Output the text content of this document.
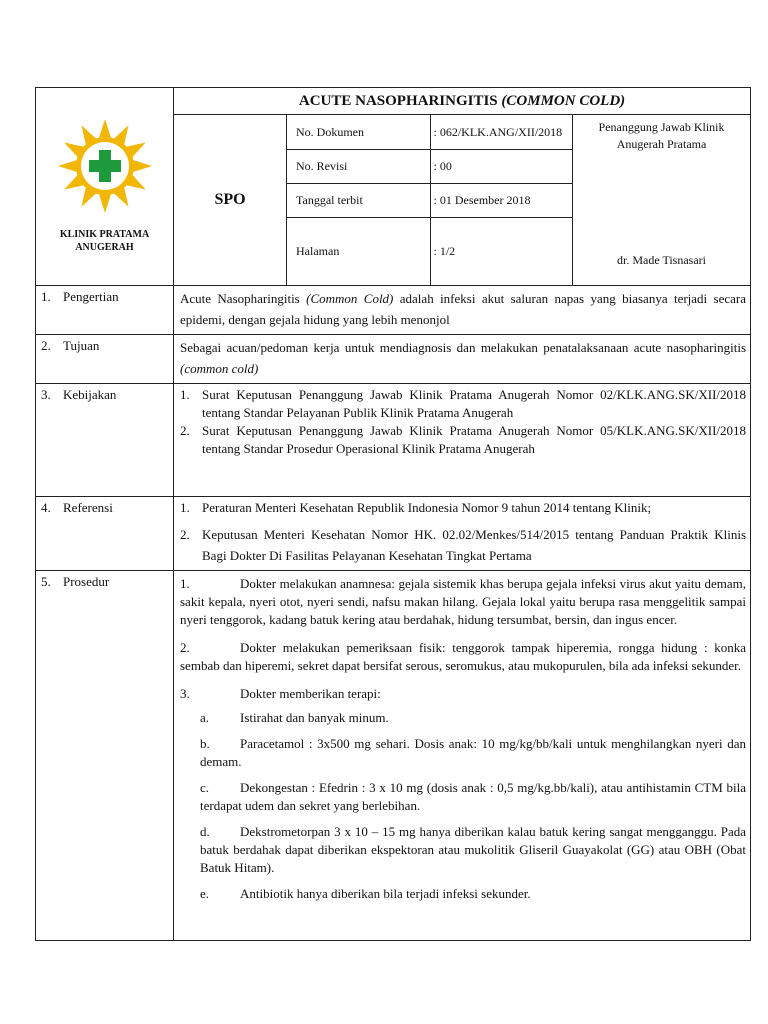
KLINIK PRATAMA ANUGERAH
	ACUTE NASOPHARINGITIS (COMMON COLD)
SPO	
No. Dokumen	: 062/KLK.ANG/XII/2018
No. Revisi	: 00
Tanggal terbit	: 01 Desember 2018
Halaman	: 1/2

Penanggung Jawab Klinik Anugerah Pratama
dr. Made Tisnasari

1. Pengertian	Acute Nasopharingitis (Common Cold) adalah infeksi akut saluran napas yang biasanya terjadi secara epidemi, dengan gejala hidung yang lebih menonjol
2. Tujuan	Sebagai acuan/pedoman kerja untuk mendiagnosis dan melakukan penatalaksanaan acute nasopharingitis (common cold)
3. Kebijakan	1. Surat Keputusan Penanggung Jawab Klinik Pratama Anugerah Nomor 02/KLK.ANG.SK/XII/2018 tentang Standar Pelayanan Publik Klinik Pratama Anugerah
2. Surat Keputusan Penanggung Jawab Klinik Pratama Anugerah Nomor 05/KLK.ANG.SK/XII/2018 tentang Standar Prosedur Operasional Klinik Pratama Anugerah

4. Referensi	1. Peraturan Menteri Kesehatan Republik Indonesia Nomor 9 tahun 2014 tentang Klinik;
2. Keputusan Menteri Kesehatan Nomor HK. 02.02/Menkes/514/2015 tentang Panduan Praktik Klinis Bagi Dokter Di Fasilitas Pelayanan Kesehatan Tingkat Pertama

5. Prosedur	1.	Dokter melakukan anamnesa: gejala sistemik khas berupa gejala infeksi virus akut yaitu demam, sakit kepala, nyeri otot, nyeri sendi, nafsu makan hilang. Gejala lokal yaitu berupa rasa menggelitik sampai nyeri tenggorok, kadang batuk kering atau berdahak, hidung tersumbat, bersin, dan ingus encer.
2.	Dokter melakukan pemeriksaan fisik: tenggorok tampak hiperemia, rongga hidung : konka sembab dan hiperemi, sekret dapat bersifat serous, seromukus, atau mukopurulen, bila ada infeksi sekunder.
3.	Dokter memberikan terapi:
a. Istirahat dan banyak minum.
b. Paracetamol : 3x500 mg sehari. Dosis anak: 10 mg/kg/bb/kali untuk menghilangkan nyeri dan demam.
c. Dekongestan : Efedrin : 3 x 10 mg (dosis anak : 0,5 mg/kg.bb/kali), atau antihistamin CTM bila terdapat udem dan sekret yang berlebihan.
d. Dekstrometorpan 3 x 10 – 15 mg hanya diberikan kalau batuk kering sangat mengganggu. Pada batuk berdahak dapat diberikan ekspektoran atau mukolitik Gliseril Guayakolat (GG) atau OBH (Obat Batuk Hitam).
e. Antibiotik hanya diberikan bila terjadi infeksi sekunder.
